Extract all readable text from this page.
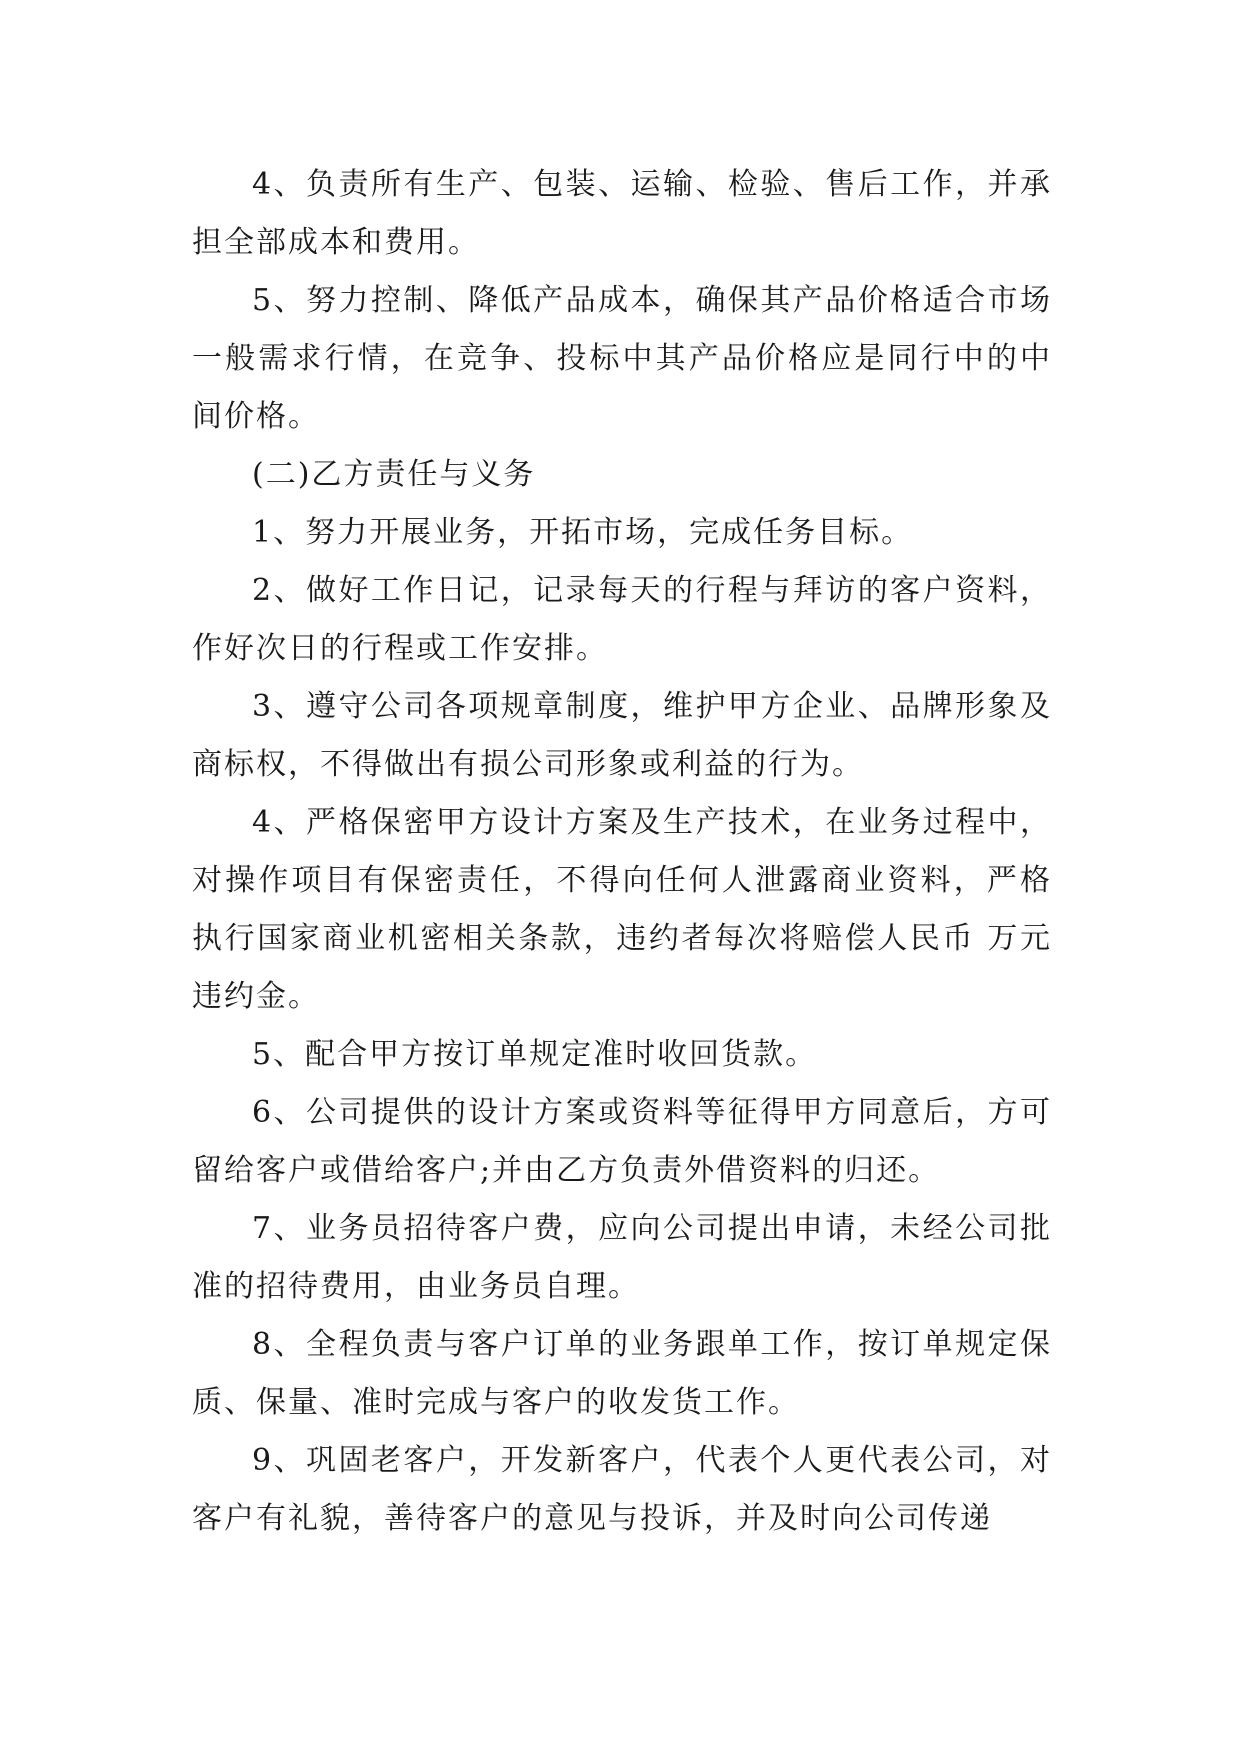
4、负责所有生产、包装、运输、检验、售后工作，并承担全部成本和费用。

5、努力控制、降低产品成本，确保其产品价格适合市场一般需求行情，在竞争、投标中其产品价格应是同行中的中间价格。

(二)乙方责任与义务

1、努力开展业务，开拓市场，完成任务目标。

2、做好工作日记，记录每天的行程与拜访的客户资料，作好次日的行程或工作安排。

3、遵守公司各项规章制度，维护甲方企业、品牌形象及商标权，不得做出有损公司形象或利益的行为。

4、严格保密甲方设计方案及生产技术，在业务过程中，对操作项目有保密责任，不得向任何人泄露商业资料，严格执行国家商业机密相关条款，违约者每次将赔偿人民币 万元违约金。

5、配合甲方按订单规定准时收回货款。

6、公司提供的设计方案或资料等征得甲方同意后，方可留给客户或借给客户;并由乙方负责外借资料的归还。

7、业务员招待客户费，应向公司提出申请，未经公司批准的招待费用，由业务员自理。

8、全程负责与客户订单的业务跟单工作，按订单规定保质、保量、准时完成与客户的收发货工作。

9、巩固老客户，开发新客户，代表个人更代表公司，对客户有礼貌，善待客户的意见与投诉，并及时向公司传递
